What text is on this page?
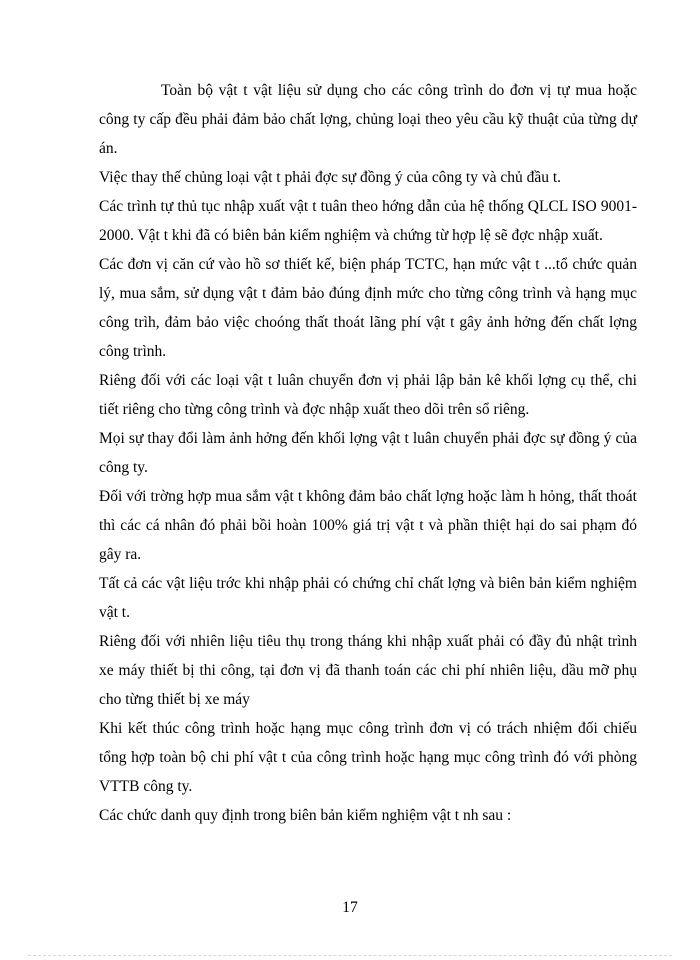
Toàn bộ vật t vật liệu sử dụng cho các công trình do đơn vị tự mua hoặc công ty cấp đều phải đảm bảo chất lợng, chủng loại theo yêu cầu kỹ thuật của từng dự án.

Việc thay thế chủng loại vật t phải đợc sự đồng ý của công ty và chủ đầu t.

Các trình tự thủ tục nhập xuất vật t tuân theo hớng dẫn của hệ thống QLCL ISO 9001- 2000. Vật t khi đã có biên bản kiểm nghiệm và chứng từ hợp lệ sẽ đợc nhập xuất.

Các đơn vị căn cứ vào hồ sơ thiết kế, biện pháp TCTC, hạn mức vật t ...tổ chức quản lý, mua sắm, sử dụng vật t đảm bảo đúng định mức cho từng công trình và hạng mục công trìh, đảm bảo việc choóng thất thoát lãng phí vật t gây ảnh hởng đến chất lợng công trình.

Riêng đối với các loại vật t luân chuyển đơn vị phải lập bản kê khối lợng cụ thể, chi tiết riêng cho từng công trình và đợc nhập xuất theo dõi trên sổ riêng.

Mọi sự thay đổi làm ảnh hởng đến khối lợng vật t luân chuyển phải đợc sự đồng ý của công ty.

Đối với trờng hợp mua sắm vật t không đảm bảo chất lợng hoặc làm h hỏng, thất thoát thì các cá nhân đó phải bồi hoàn 100% giá trị vật t và phần thiệt hại do sai phạm đó gây ra.

Tất cả các vật liệu trớc khi nhập phải có chứng chỉ chất lợng và biên bản kiểm nghiệm vật t.

Riêng đối với nhiên liệu tiêu thụ trong tháng khi nhập xuất phải có đầy đủ nhật trình xe máy thiết bị thi công, tại đơn vị đã thanh toán các chi phí nhiên liệu, dầu mỡ phụ cho từng thiết bị xe máy

Khi kết thúc công trình hoặc hạng mục công trình đơn vị có trách nhiệm đối chiếu tổng hợp toàn bộ chi phí vật t của công trình hoặc hạng mục công trình đó với phòng VTTB công ty.

Các chức danh quy định trong biên bản kiểm nghiệm vật t nh sau :

17
